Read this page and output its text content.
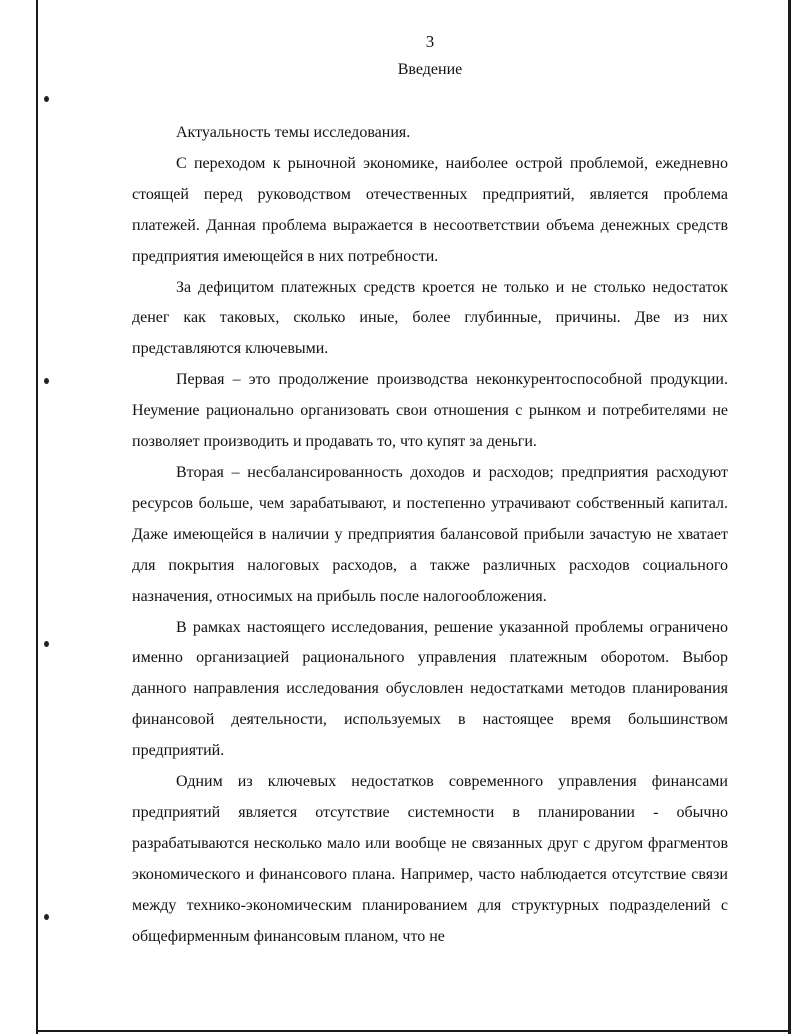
3
Введение

Актуальность темы исследования.

С переходом к рыночной экономике, наиболее острой проблемой, ежедневно стоящей перед руководством отечественных предприятий, является проблема платежей. Данная проблема выражается в несоответствии объема денежных средств предприятия имеющейся в них потребности.

За дефицитом платежных средств кроется не только и не столько недостаток денег как таковых, сколько иные, более глубинные, причины. Две из них представляются ключевыми.

Первая – это продолжение производства неконкурентоспособной продукции. Неумение рационально организовать свои отношения с рынком и потребителями не позволяет производить и продавать то, что купят за деньги.

Вторая – несбалансированность доходов и расходов; предприятия расходуют ресурсов больше, чем зарабатывают, и постепенно утрачивают собственный капитал. Даже имеющейся в наличии у предприятия балансовой прибыли зачастую не хватает для покрытия налоговых расходов, а также различных расходов социального назначения, относимых на прибыль после налогообложения.

В рамках настоящего исследования, решение указанной проблемы ограничено именно организацией рационального управления платежным оборотом. Выбор данного направления исследования обусловлен недостатками методов планирования финансовой деятельности, используемых в настоящее время большинством предприятий.

Одним из ключевых недостатков современного управления финансами предприятий является отсутствие системности в планировании - обычно разрабатываются несколько мало или вообще не связанных друг с другом фрагментов экономического и финансового плана. Например, часто наблюдается отсутствие связи между технико-экономическим планированием для структурных подразделений с общефирменным финансовым планом, что не
